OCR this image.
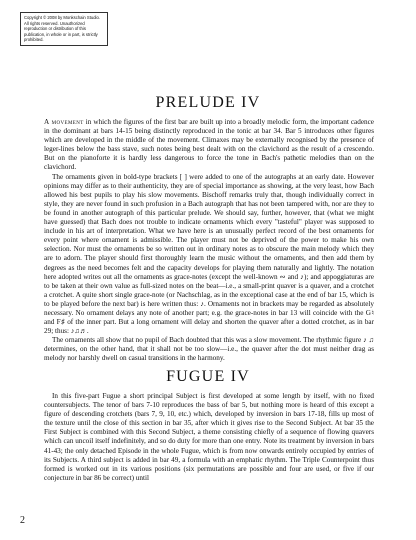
Copyright © 2008 by Monkschain Studio. All rights reserved. Unauthorized reproduction or distribution of this publication, in whole or in part, is strictly prohibited.
PRELUDE IV

A movement in which the figures of the first bar are built up into a broadly melodic form, the important cadence in the dominant at bars 14-15 being distinctly reproduced in the tonic at bar 34. Bar 5 introduces other figures which are developed in the middle of the movement. Climaxes may be externally recognised by the presence of leger-lines below the bass stave, such notes being best dealt with on the clavichord as the result of a crescendo. But on the pianoforte it is hardly less dangerous to force the tone in Bach's pathetic melodies than on the clavichord.

The ornaments given in bold-type brackets [ ] were added to one of the autographs at an early date. However opinions may differ as to their authenticity, they are of special importance as showing, at the very least, how Bach allowed his best pupils to play his slow movements. Bischoff remarks truly that, though individually correct in style, they are never found in such profusion in a Bach autograph that has not been tampered with, nor are they to be found in another autograph of this particular prelude. We should say, further, however, that (what we might have guessed) that Bach does not trouble to indicate ornaments which every "tasteful" player was supposed to include in his art of interpretation. What we have here is an unusually perfect record of the best ornaments for every point where ornament is admissible. The player must not be deprived of the power to make his own selection. Nor must the ornaments be so written out in ordinary notes as to obscure the main melody which they are to adorn. The player should first thoroughly learn the music without the ornaments, and then add them by degrees as the need becomes felt and the capacity develops for playing them naturally and lightly. The notation here adopted writes out all the ornaments as grace-notes (except the well-known ∾ and ♪); and appoggiaturas are to be taken at their own value as full-sized notes on the beat—i.e., a small-print quaver is a quaver, and a crotchet a crotchet. A quite short single grace-note (or Nachschlag, as in the exceptional case at the end of bar 15, which is to be played before the next bar) is here written thus: ♪. Ornaments not in brackets may be regarded as absolutely necessary. No ornament delays any note of another part; e.g. the grace-notes in bar 13 will coincide with the G♮ and F♯ of the inner part. But a long ornament will delay and shorten the quaver after a dotted crotchet, as in bar 29; thus: ♪♫♬.

The ornaments all show that no pupil of Bach doubted that this was a slow movement. The rhythmic figure ♪ ♫ determines, on the other hand, that it shall not be too slow—i.e., the quaver after the dot must neither drag as melody nor harshly dwell on casual transitions in the harmony.

FUGUE IV

In this five-part Fugue a short principal Subject is first developed at some length by itself, with no fixed countersubjects. The tenor of bars 7-10 reproduces the bass of bar 5, but nothing more is heard of this except a figure of descending crotchets (bars 7, 9, 10, etc.) which, developed by inversion in bars 17-18, fills up most of the texture until the close of this section in bar 35, after which it gives rise to the Second Subject. At bar 35 the First Subject is combined with this Second Subject, a theme consisting chiefly of a sequence of flowing quavers which can uncoil itself indefinitely, and so do duty for more than one entry. Note its treatment by inversion in bars 41-43; the only detached Episode in the whole Fugue, which is from now onwards entirely occupied by entries of its Subjects. A third subject is added in bar 49, a formula with an emphatic rhythm. The Triple Counterpoint thus formed is worked out in its various positions (six permutations are possible and four are used, or five if our conjecture in bar 86 be correct) until

2
